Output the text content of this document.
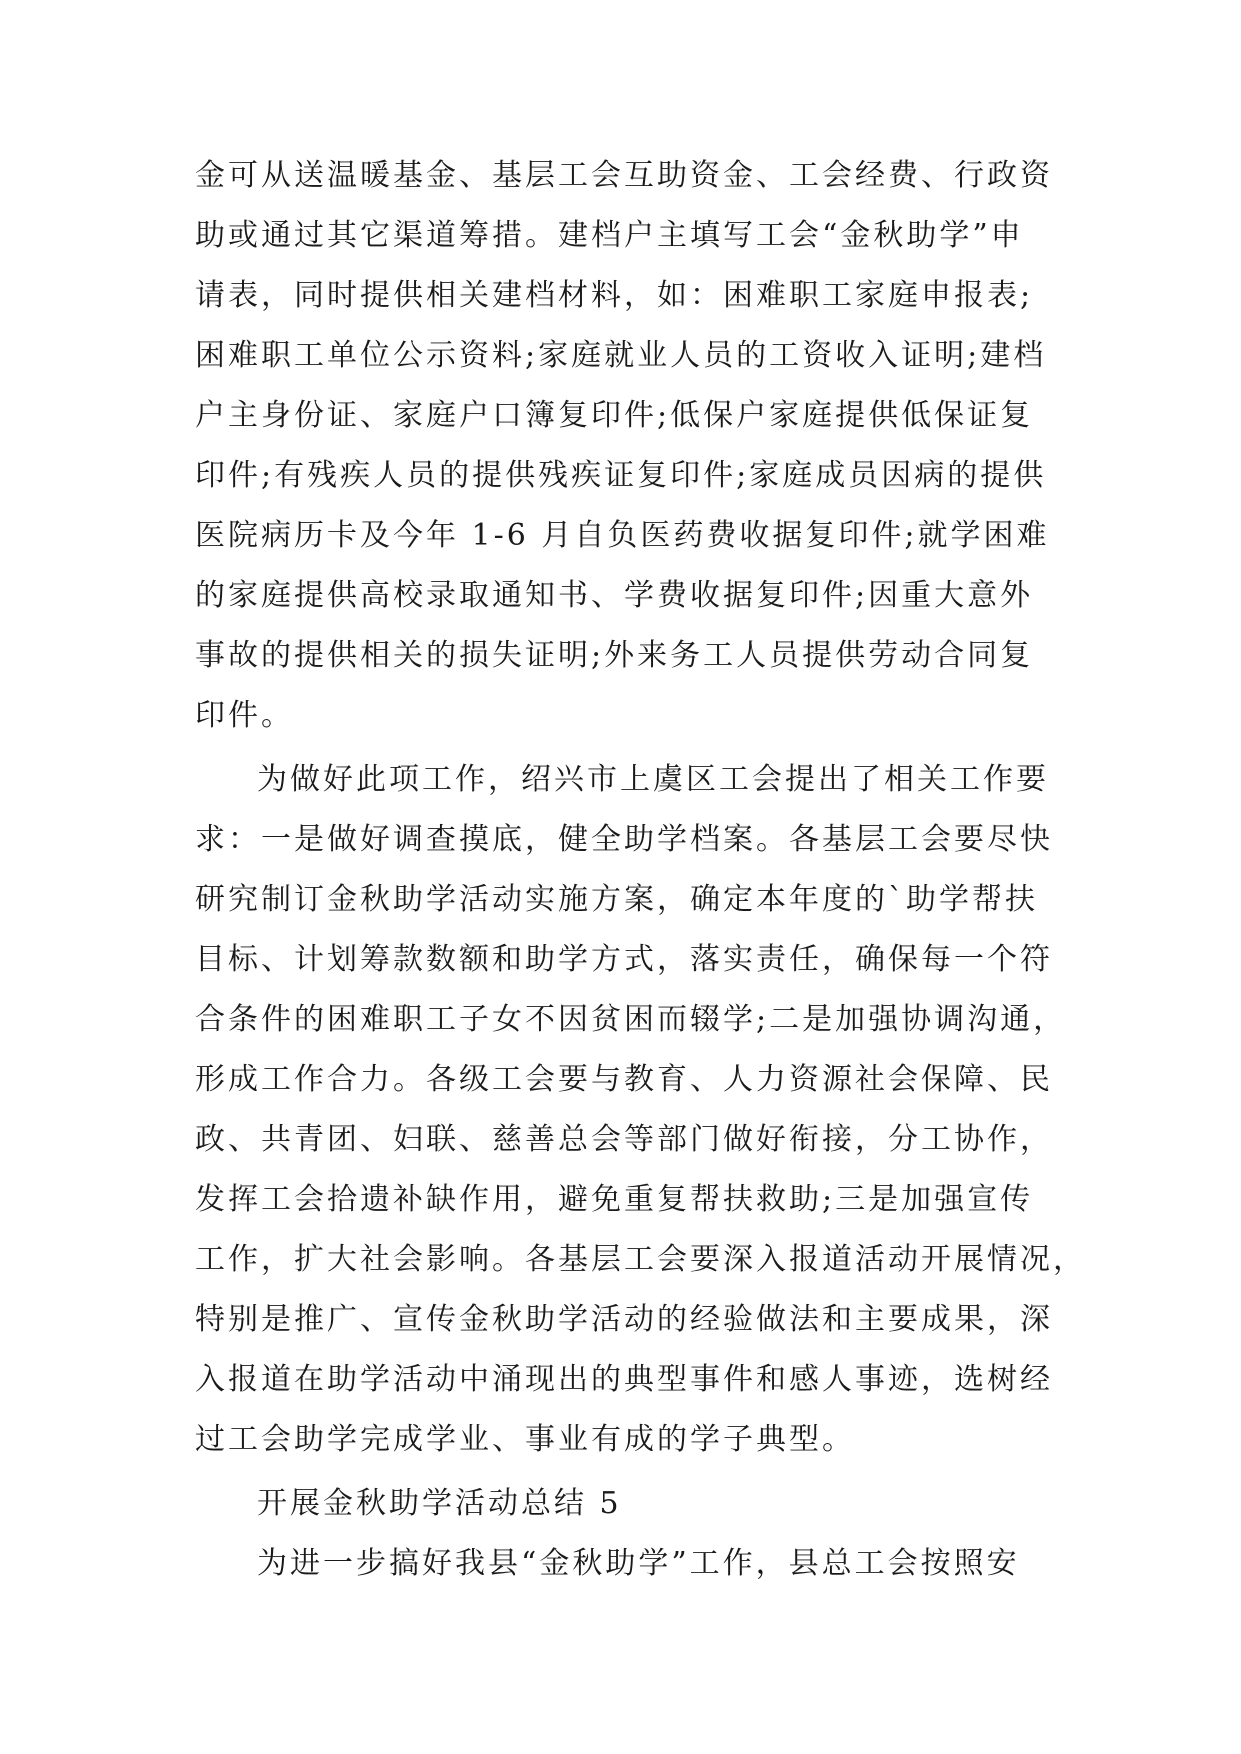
金可从送温暖基金、基层工会互助资金、工会经费、行政资
助或通过其它渠道筹措。建档户主填写工会“金秋助学”申
请表，同时提供相关建档材料，如：困难职工家庭申报表;
困难职工单位公示资料;家庭就业人员的工资收入证明;建档
户主身份证、家庭户口簿复印件;低保户家庭提供低保证复
印件;有残疾人员的提供残疾证复印件;家庭成员因病的提供
医院病历卡及今年 1-6 月自负医药费收据复印件;就学困难
的家庭提供高校录取通知书、学费收据复印件;因重大意外
事故的提供相关的损失证明;外来务工人员提供劳动合同复
印件。
为做好此项工作，绍兴市上虞区工会提出了相关工作要
求：一是做好调查摸底，健全助学档案。各基层工会要尽快
研究制订金秋助学活动实施方案，确定本年度的`助学帮扶
目标、计划筹款数额和助学方式，落实责任，确保每一个符
合条件的困难职工子女不因贫困而辍学;二是加强协调沟通，
形成工作合力。各级工会要与教育、人力资源社会保障、民
政、共青团、妇联、慈善总会等部门做好衔接，分工协作，
发挥工会拾遗补缺作用，避免重复帮扶救助;三是加强宣传
工作，扩大社会影响。各基层工会要深入报道活动开展情况，
特别是推广、宣传金秋助学活动的经验做法和主要成果，深
入报道在助学活动中涌现出的典型事件和感人事迹，选树经
过工会助学完成学业、事业有成的学子典型。
开展金秋助学活动总结 5
为进一步搞好我县“金秋助学”工作，县总工会按照安
